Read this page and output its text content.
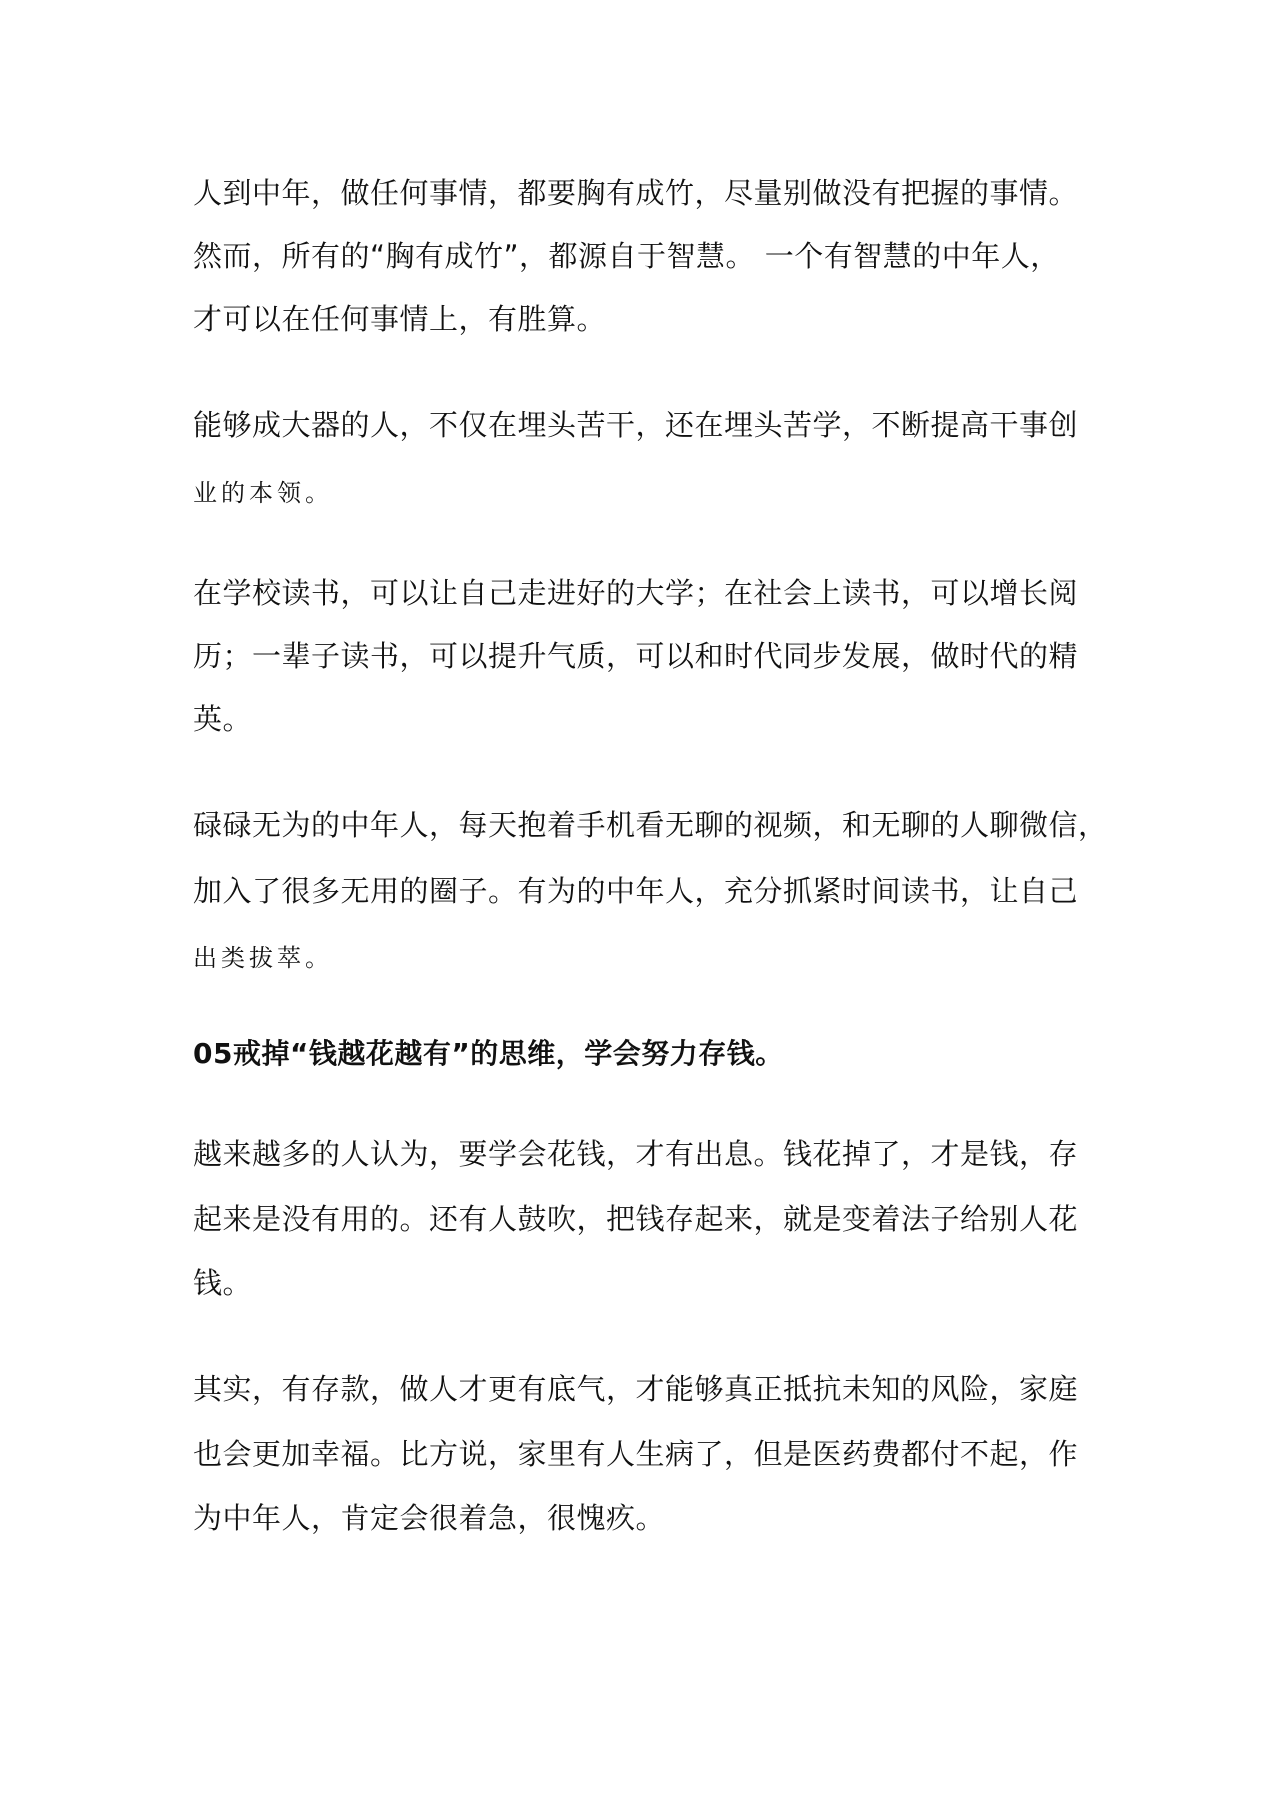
人到中年，做任何事情，都要胸有成竹，尽量别做没有把握的事情。
然而，所有的“胸有成竹”，都源自于智慧。 一个有智慧的中年人，
才可以在任何事情上，有胜算。
能够成大器的人，不仅在埋头苦干，还在埋头苦学，不断提高干事创
业的本领。
在学校读书，可以让自己走进好的大学；在社会上读书，可以增长阅
历；一辈子读书，可以提升气质，可以和时代同步发展，做时代的精
英。
碌碌无为的中年人，每天抱着手机看无聊的视频，和无聊的人聊微信，
加入了很多无用的圈子。有为的中年人，充分抓紧时间读书，让自己
出类拔萃。
05戒掉“钱越花越有”的思维，学会努力存钱。
越来越多的人认为，要学会花钱，才有出息。钱花掉了，才是钱，存
起来是没有用的。还有人鼓吹，把钱存起来，就是变着法子给别人花
钱。
其实，有存款，做人才更有底气，才能够真正抵抗未知的风险，家庭
也会更加幸福。比方说，家里有人生病了，但是医药费都付不起，作
为中年人，肯定会很着急，很愧疚。
